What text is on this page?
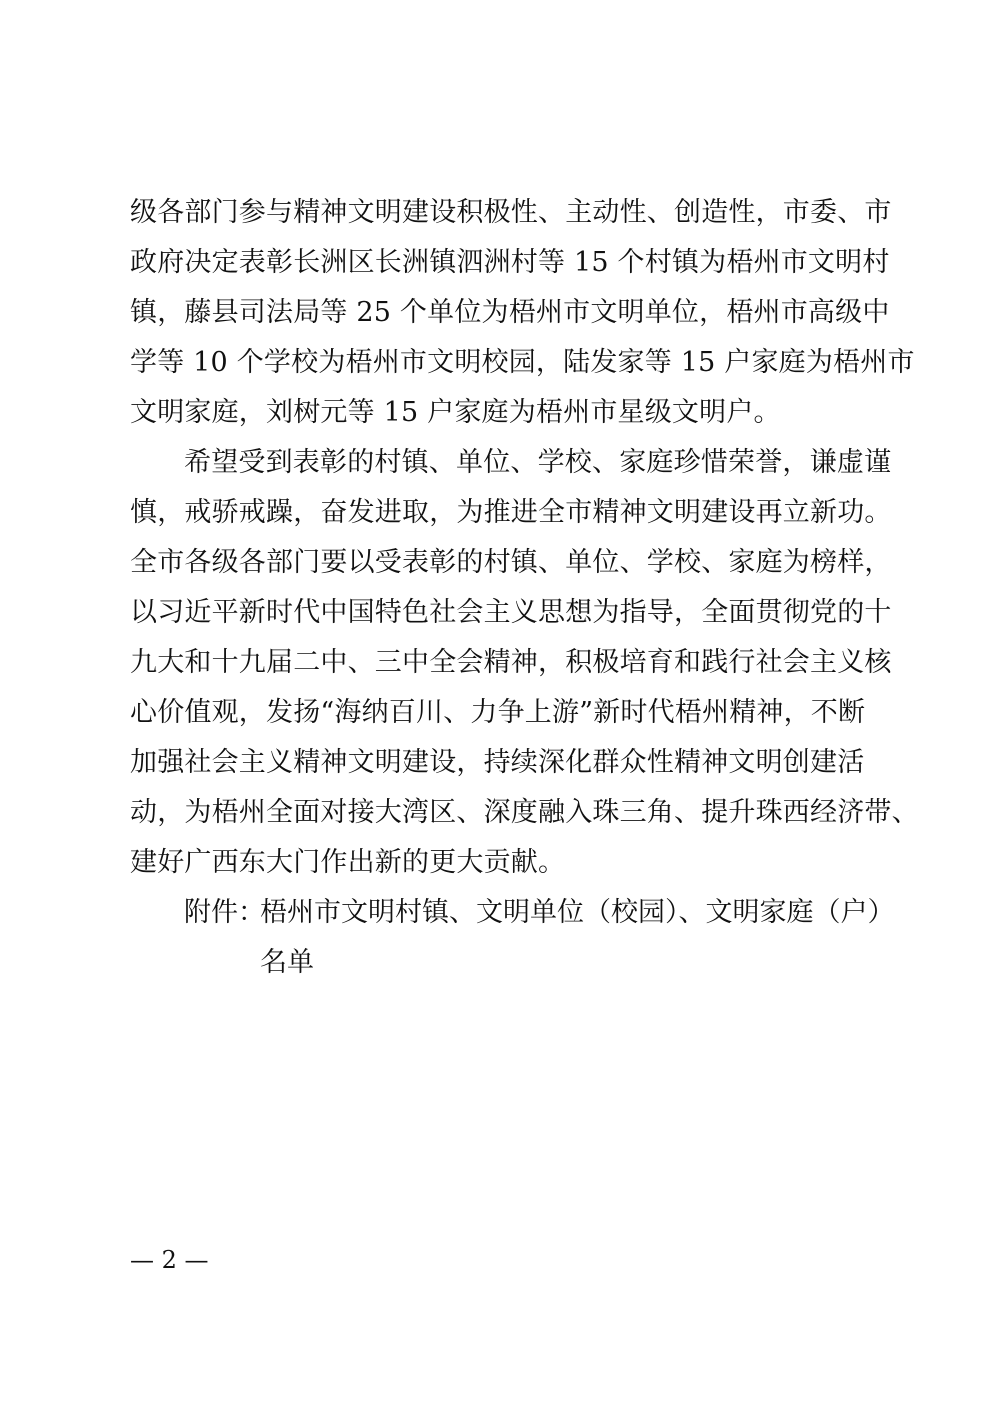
级各部门参与精神文明建设积极性、主动性、创造性，市委、市
政府决定表彰长洲区长洲镇泗洲村等 15 个村镇为梧州市文明村
镇，藤县司法局等 25 个单位为梧州市文明单位，梧州市高级中
学等 10 个学校为梧州市文明校园，陆发家等 15 户家庭为梧州市
文明家庭，刘树元等 15 户家庭为梧州市星级文明户。
希望受到表彰的村镇、单位、学校、家庭珍惜荣誉，谦虚谨
慎，戒骄戒躁，奋发进取，为推进全市精神文明建设再立新功。
全市各级各部门要以受表彰的村镇、单位、学校、家庭为榜样，
以习近平新时代中国特色社会主义思想为指导，全面贯彻党的十
九大和十九届二中、三中全会精神，积极培育和践行社会主义核
心价值观，发扬“海纳百川、力争上游”新时代梧州精神，不断
加强社会主义精神文明建设，持续深化群众性精神文明创建活
动，为梧州全面对接大湾区、深度融入珠三角、提升珠西经济带、
建好广西东大门作出新的更大贡献。
附件：
梧州市文明村镇、文明单位（校园）、文明家庭（户）
名单
— 2 —
